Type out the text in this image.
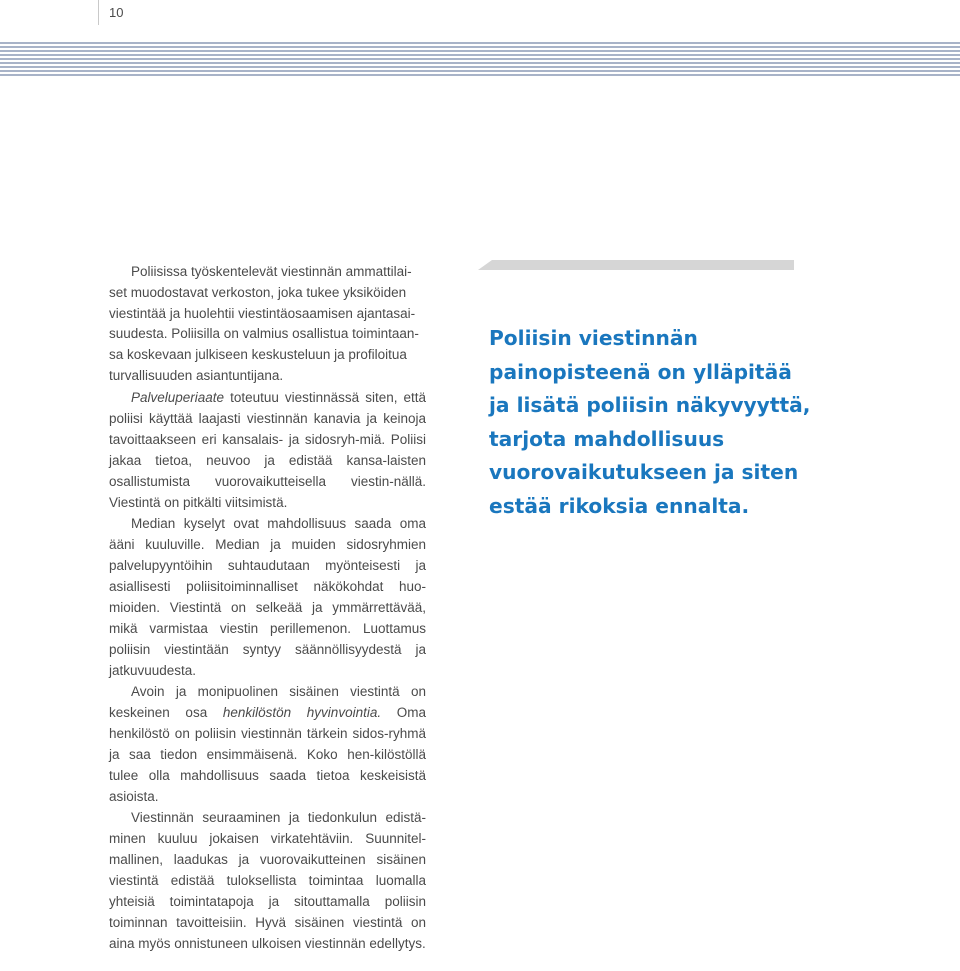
10

Poliisissa työskentelevät viestinnän ammattilai-
set muodostavat verkoston, joka tukee yksiköiden
viestintää ja huolehtii viestintäosaamisen ajantasai-
suudesta. Poliisilla on valmius osallistua toimintaan-
sa koskevaan julkiseen keskusteluun ja profiloitua
turvallisuuden asiantuntijana.

Palveluperiaate toteutuu viestinnässä siten, että poliisi käyttää laajasti viestinnän kanavia ja keinoja tavoittaakseen eri kansalais- ja sidosryh-miä. Poliisi jakaa tietoa, neuvoo ja edistää kansa-laisten osallistumista vuorovaikutteisella viestin-nällä. Viestintä on pitkälti viitsimistä.

Median kyselyt ovat mahdollisuus saada oma ääni kuuluville. Median ja muiden sidosryhmien palvelupyyntöihin suhtaudutaan myönteisesti ja asiallisesti poliisitoiminnalliset näkökohdat huo-mioiden. Viestintä on selkeää ja ymmärrettävää, mikä varmistaa viestin perillemenon. Luottamus poliisin viestintään syntyy säännöllisyydestä ja jatkuvuudesta.

Avoin ja monipuolinen sisäinen viestintä on keskeinen osa henkilöstön hyvinvointia. Oma henkilöstö on poliisin viestinnän tärkein sidos-ryhmä ja saa tiedon ensimmäisenä. Koko hen-kilöstöllä tulee olla mahdollisuus saada tietoa keskeisistä asioista.

Viestinnän seuraaminen ja tiedonkulun edistä-minen kuuluu jokaisen virkatehtäviin. Suunnitel-mallinen, laadukas ja vuorovaikutteinen sisäinen viestintä edistää tuloksellista toimintaa luomalla yhteisiä toimintatapoja ja sitouttamalla poliisin toiminnan tavoitteisiin. Hyvä sisäinen viestintä on aina myös onnistuneen ulkoisen viestinnän edellytys.

Poliisin viestinnän
painopisteenä on ylläpitää
ja lisätä poliisin näkyvyyttä,
tarjota mahdollisuus
vuorovaikutukseen ja siten
estää rikoksia ennalta.
